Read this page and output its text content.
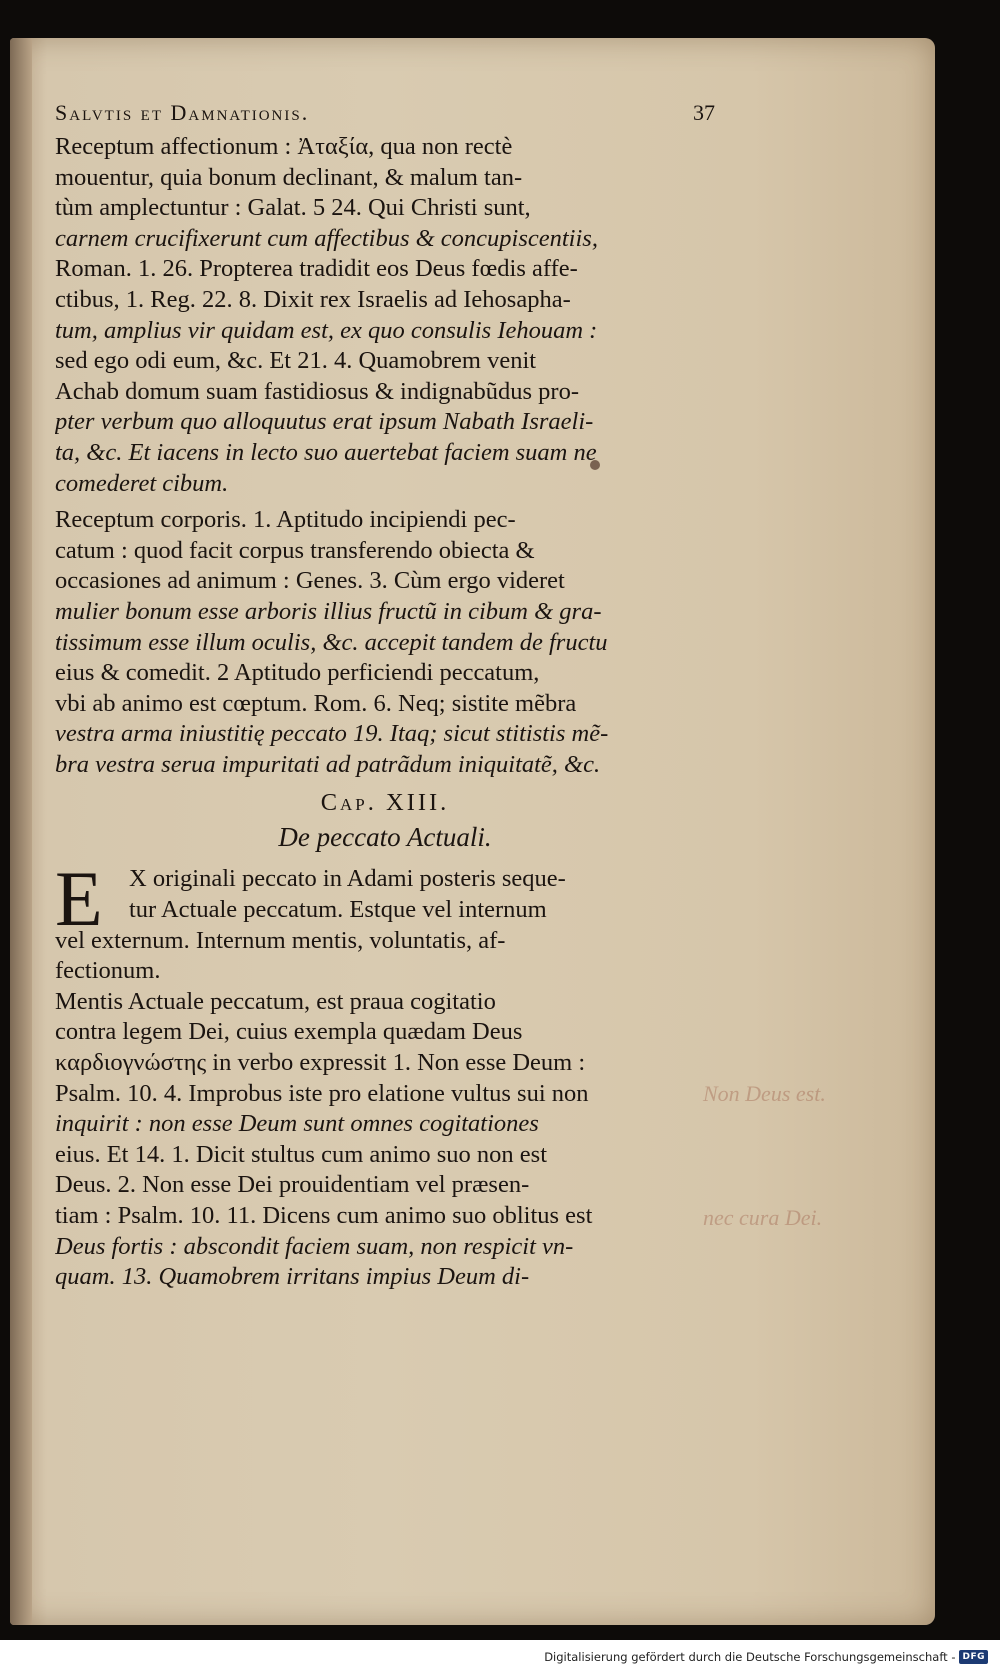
Salvtis et Damnationis.	37

Receptum affectionum : Ἀταξία, qua non rectè
mouentur, quia bonum declinant, & malum tan-
tùm amplectuntur : Galat. 5 24. Qui Christi sunt,
carnem crucifixerunt cum affectibus & concupiscentiis,
Roman. 1. 26. Propterea tradidit eos Deus fœdis affe-
ctibus, 1. Reg. 22. 8. Dixit rex Israelis ad Iehosapha-
tum, amplius vir quidam est, ex quo consulis Iehouam :
sed ego odi eum, &c. Et 21. 4. Quamobrem venit
Achab domum suam fastidiosus & indignabũdus pro-
pter verbum quo alloquutus erat ipsum Nabath Israeli-
ta, &c. Et iacens in lecto suo auertebat faciem suam ne
comederet cibum.

Receptum corporis. 1. Aptitudo incipiendi pec-
catum : quod facit corpus transferendo obiecta &
occasiones ad animum : Genes. 3. Cùm ergo videret
mulier bonum esse arboris illius fructũ in cibum & gra-
tissimum esse illum oculis, &c. accepit tandem de fructu
eius & comedit. 2 Aptitudo perficiendi peccatum,
vbi ab animo est cœptum. Rom. 6. Neq; sistite mẽbra
vestra arma iniustitię peccato 19. Itaq; sicut stitistis mẽ-
bra vestra serua impuritati ad patrãdum iniquitatẽ, &c.

Cap. XIII.
De peccato Actuali.

E X originali peccato in Adami posteris seque-
tur Actuale peccatum. Estque vel internum
vel externum. Internum mentis, voluntatis, af-
fectionum.

Mentis Actuale peccatum, est praua cogitatio
contra legem Dei, cuius exempla quædam Deus
καρδιογνώστης in verbo expressit 1. Non esse Deum :
Psalm. 10. 4. Improbus iste pro elatione vultus sui non
inquirit : non esse Deum sunt omnes cogitationes
eius. Et 14. 1. Dicit stultus cum animo suo non est
Deus. 2. Non esse Dei prouidentiam vel præsen-
tiam : Psalm. 10. 11. Dicens cum animo suo oblitus est
Deus fortis : abscondit faciem suam, non respicit vn-
quam. 13. Quamobrem irritans impius Deum di-

Non Deus est.
nec cura Dei.
Digitalisierung gefördert durch die Deutsche Forschungsgemeinschaft - DFG
